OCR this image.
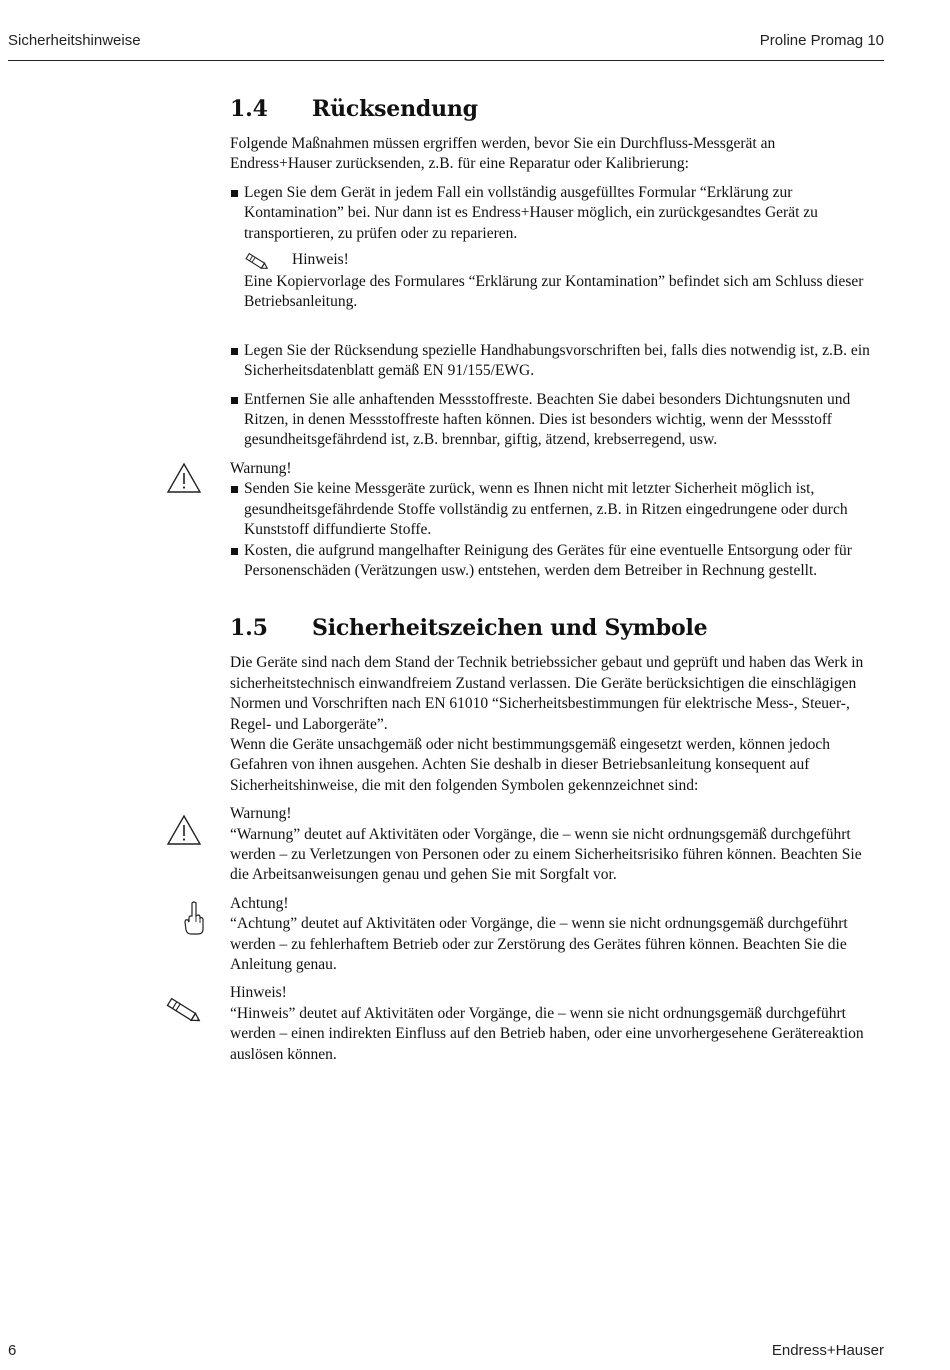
Sicherheitshinweise	Proline Promag 10
1.4	Rücksendung

Folgende Maßnahmen müssen ergriffen werden, bevor Sie ein Durchfluss-Messgerät an Endress+Hauser zurücksenden, z.B. für eine Reparatur oder Kalibrierung:

Legen Sie dem Gerät in jedem Fall ein vollständig ausgefülltes Formular “Erklärung zur Kontamination” bei. Nur dann ist es Endress+Hauser möglich, ein zurückgesandtes Gerät zu transportieren, zu prüfen oder zu reparieren.
Hinweis!

Eine Kopiervorlage des Formulares “Erklärung zur Kontamination” befindet sich am Schluss dieser Betriebsanleitung.

Legen Sie der Rücksendung spezielle Handhabungsvorschriften bei, falls dies notwendig ist, z.B. ein Sicherheitsdatenblatt gemäß EN 91/155/EWG.
Entfernen Sie alle anhaftenden Messstoffreste. Beachten Sie dabei besonders Dichtungsnuten und Ritzen, in denen Messstoffreste haften können. Dies ist besonders wichtig, wenn der Messstoff gesundheitsgefährdend ist, z.B. brennbar, giftig, ätzend, krebserregend, usw.

Warnung!

Senden Sie keine Messgeräte zurück, wenn es Ihnen nicht mit letzter Sicherheit möglich ist, gesundheitsgefährdende Stoffe vollständig zu entfernen, z.B. in Ritzen eingedrungene oder durch Kunststoff diffundierte Stoffe.
Kosten, die aufgrund mangelhafter Reinigung des Gerätes für eine eventuelle Entsorgung oder für Personenschäden (Verätzungen usw.) entstehen, werden dem Betreiber in Rechnung gestellt.
1.5	Sicherheitszeichen und Symbole

Die Geräte sind nach dem Stand der Technik betriebssicher gebaut und geprüft und haben das Werk in sicherheitstechnisch einwandfreiem Zustand verlassen. Die Geräte berücksichtigen die einschlägigen Normen und Vorschriften nach EN 61010 “Sicherheitsbestimmungen für elektrische Mess-, Steuer-, Regel- und Laborgeräte”.

Wenn die Geräte unsachgemäß oder nicht bestimmungsgemäß eingesetzt werden, können jedoch Gefahren von ihnen ausgehen. Achten Sie deshalb in dieser Betriebsanleitung konsequent auf Sicherheitshinweise, die mit den folgenden Symbolen gekennzeichnet sind:

Warnung!

“Warnung” deutet auf Aktivitäten oder Vorgänge, die – wenn sie nicht ordnungsgemäß durchgeführt werden – zu Verletzungen von Personen oder zu einem Sicherheitsrisiko führen können. Beachten Sie die Arbeitsanweisungen genau und gehen Sie mit Sorgfalt vor.

Achtung!

“Achtung” deutet auf Aktivitäten oder Vorgänge, die – wenn sie nicht ordnungsgemäß durchgeführt werden – zu fehlerhaftem Betrieb oder zur Zerstörung des Gerätes führen können. Beachten Sie die Anleitung genau.

Hinweis!

“Hinweis” deutet auf Aktivitäten oder Vorgänge, die – wenn sie nicht ordnungsgemäß durchgeführt werden – einen indirekten Einfluss auf den Betrieb haben, oder eine unvorhergesehene Gerätereaktion auslösen können.

6	Endress+Hauser
